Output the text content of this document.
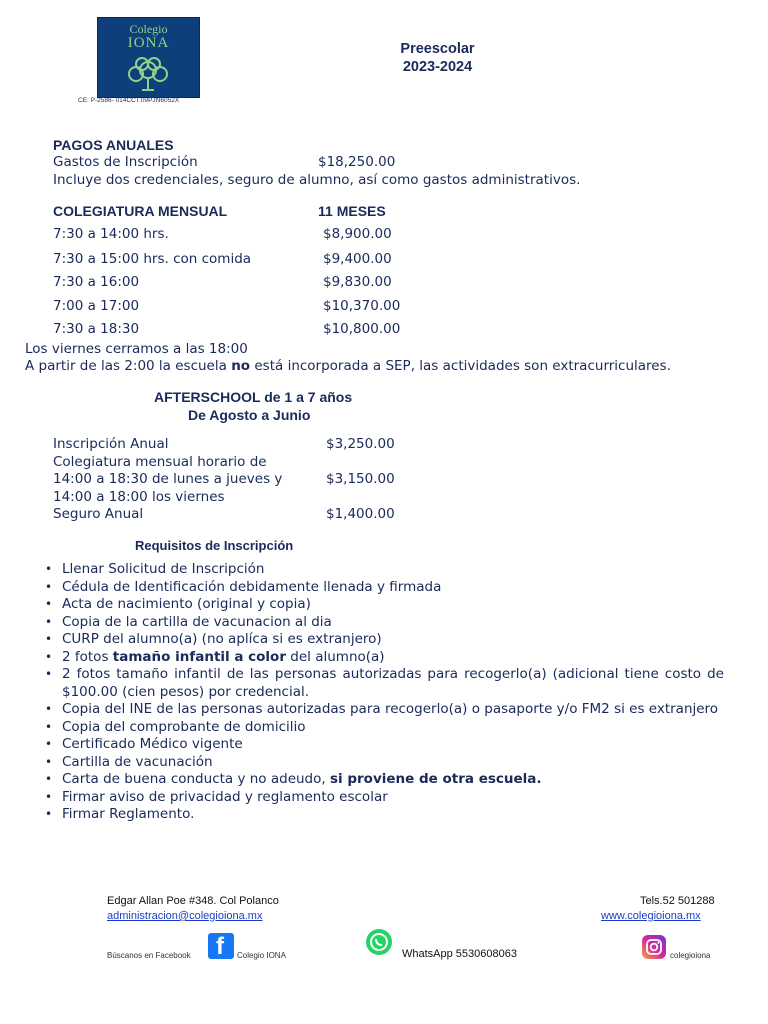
Colegio
IONA
CE: P-2586- 014CCT:09PJN6052X
Preescolar
2023-2024
PAGOS ANUALES
Gastos de Inscripción	$18,250.00
Incluye dos credenciales, seguro de alumno, así como gastos administrativos.
COLEGIATURA MENSUAL	11 MESES
7:30 a 14:00 hrs.	$8,900.00
7:30 a 15:00 hrs. con comida	$9,400.00
7:30 a 16:00	$9,830.00
7:00 a 17:00	$10,370.00
7:30 a 18:30	$10,800.00
Los viernes cerramos a las 18:00
A partir de las 2:00 la escuela no está incorporada a SEP, las actividades son extracurriculares.
AFTERSCHOOL de 1 a 7 años
De Agosto a Junio
Inscripción Anual	$3,250.00
Colegiatura mensual horario de
14:00 a 18:30 de lunes a jueves y	$3,150.00
14:00 a 18:00 los viernes
Seguro Anual	$1,400.00
Requisitos de Inscripción
• Llenar Solicitud de Inscripción
• Cédula de Identificación debidamente llenada y firmada
• Acta de nacimiento (original y copia)
• Copia de la cartilla de vacunacion al dia
• CURP del alumno(a) (no aplíca si es extranjero)
• 2 fotos tamaño infantil a color del alumno(a)
• 2 fotos tamaño infantil de las personas autorizadas para recogerlo(a) (adicional tiene costo de $100.00 (cien pesos) por credencial.
• Copia del INE de las personas autorizadas para recogerlo(a) o pasaporte y/o FM2 si es extranjero
• Copia del comprobante de domicilio
• Certificado Médico vigente
• Cartilla de vacunación
• Carta de buena conducta y no adeudo, si proviene de otra escuela.
• Firmar aviso de privacidad y reglamento escolar
• Firmar Reglamento.
Edgar Allan Poe #348. Col Polanco
administracion@colegioiona.mx
Tels.52 501288
www.colegioiona.mx
Búscanos en Facebook f Colegio IONA	WhatsApp 5530608063	colegioiona
